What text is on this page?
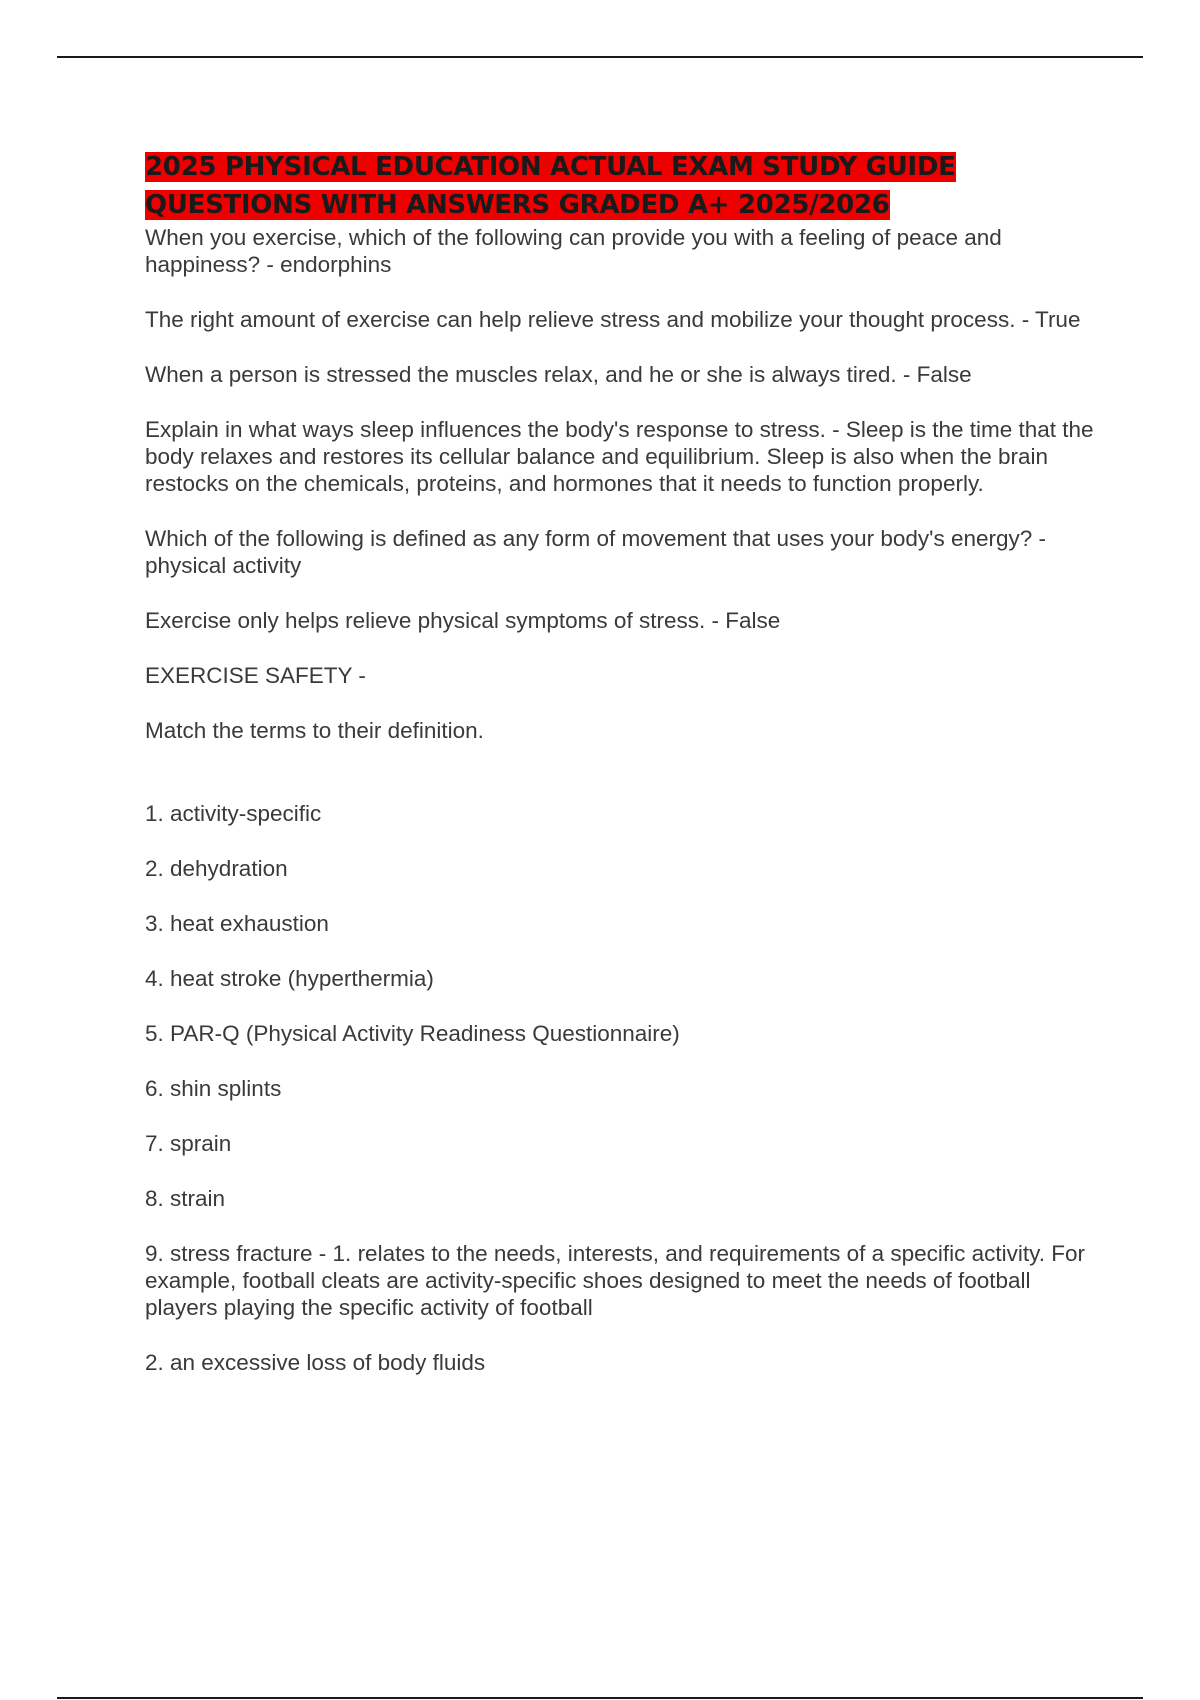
2025 PHYSICAL EDUCATION ACTUAL EXAM STUDY GUIDE
QUESTIONS WITH ANSWERS GRADED A+ 2025/2026

When you exercise, which of the following can provide you with a feeling of peace and happiness? - endorphins

The right amount of exercise can help relieve stress and mobilize your thought process. - True

When a person is stressed the muscles relax, and he or she is always tired. - False

Explain in what ways sleep influences the body's response to stress. - Sleep is the time that the body relaxes and restores its cellular balance and equilibrium. Sleep is also when the brain restocks on the chemicals, proteins, and hormones that it needs to function properly.

Which of the following is defined as any form of movement that uses your body's energy? - physical activity

Exercise only helps relieve physical symptoms of stress. - False

EXERCISE SAFETY -

Match the terms to their definition.

1. activity-specific

2. dehydration

3. heat exhaustion

4. heat stroke (hyperthermia)

5. PAR-Q (Physical Activity Readiness Questionnaire)

6. shin splints

7. sprain

8. strain

9. stress fracture - 1. relates to the needs, interests, and requirements of a specific activity. For example, football cleats are activity-specific shoes designed to meet the needs of football players playing the specific activity of football

2. an excessive loss of body fluids
